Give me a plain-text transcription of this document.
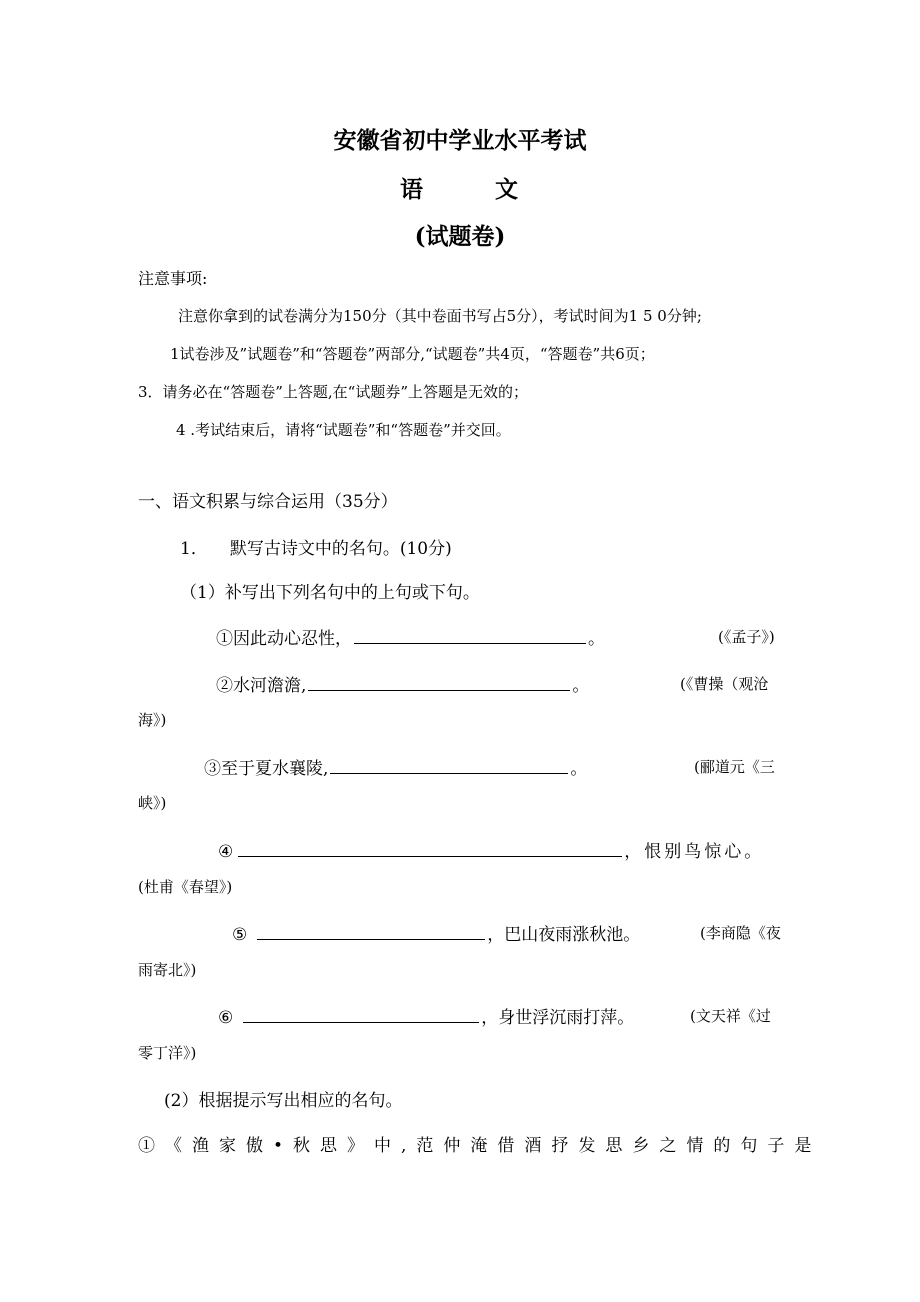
安徽省初中学业水平考试
语	文
(试题卷)
注意事项:
注意你拿到的试卷满分为150分（其中卷面书写占5分），考试时间为1 5 0分钟;
1试卷涉及”试题卷”和“答题卷”两部分,“试题卷”共4页，“答题卷”共6页；
3．请务必在“答题卷”上答题,在“试题券”上答题是无效的；
4 .考试结束后，请将“试题卷”和“答题卷”并交回。
一、语文积累与综合运用（35分）
1． 默写古诗文中的名句。(10分)
（1）补写出下列名句中的上句或下句。
①因此动心忍性，	。	(《孟子》)
②水河澹澹,	。	(《曹操（观沧
海》)
③至于夏水襄陵,	。	(郦道元《三
峡》)
④	，恨别鸟惊心。
(杜甫《春望》)
⑤	，巴山夜雨涨秋池。	(李商隐《夜
雨寄北》)
⑥	，身世浮沉雨打萍。	(文天祥《过
零丁洋》)
(2）根据提示写出相应的名句。
①《渔家傲•秋思》中,范仲淹借酒抒发思乡之情的句子是
